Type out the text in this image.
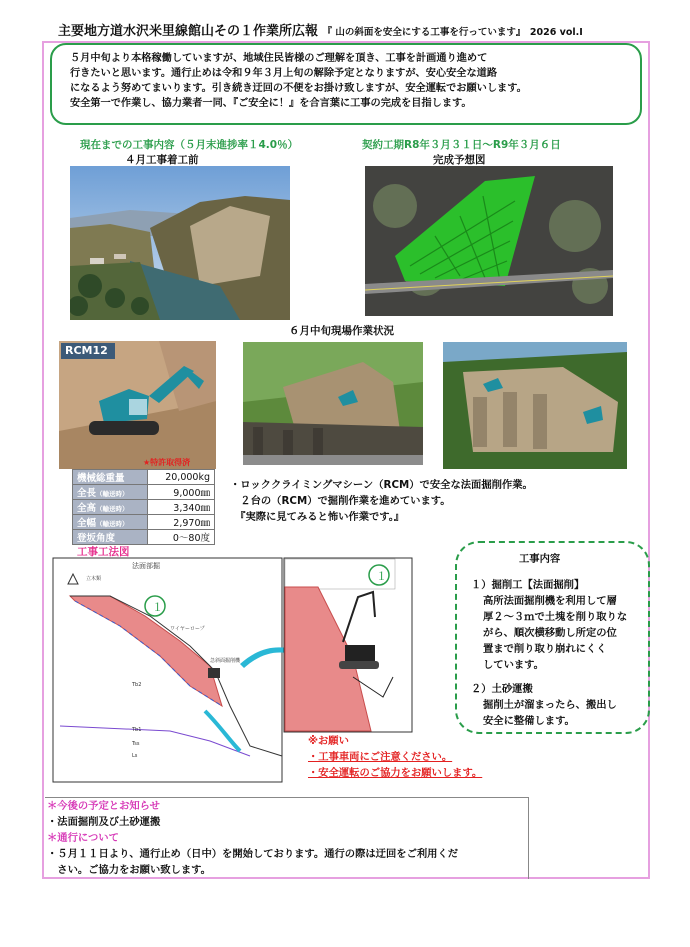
主要地方道水沢米里線館山その１作業所広報 『 山の斜面を安全にする工事を行っています』 2026 vol.Ⅰ
５月中旬より本格稼働していますが、地域住民皆様のご理解を頂き、工事を計画通り進めて
行きたいと思います。通行止めは令和９年３月上旬の解除予定となりますが、安心安全な道路
になるよう努めてまいります。引き続き迂回の不便をお掛け致しますが、安全運転でお願いします。
安全第一で作業し、協力業者一同、『ご安全に！』を合言葉に工事の完成を目指します。
現在までの工事内容（５月末進捗率１4.0％）
４月工事着工前
契約工期R8年３月３１日～R9年３月６日
完成予想図
６月中旬現場作業状況
RCM12
★特許取得済
機械総重量	20,000kg
全長（輸送時）	9,000㎜
全高（輸送時）	3,340㎜
全幅（輸送時）	2,970㎜
登坂角度	0～80度
・ロッククライミングマシーン（RCM）で安全な法面掘削作業。
　２台の（RCM）で掘削作業を進めています。
　『実際に見てみると怖い作業です。』
工事工法図
１
法面部掘
立木類
ワイヤーロープ
急斜面掘削機
Tb2
Tb1
Tss
Ls
１
工事内容
１）掘削工【法面掘削】
高所法面掘削機を利用して層
厚２～３ｍで土塊を削り取りな
がら、順次横移動し所定の位
置まで削り取り崩れにくく
しています。
２）土砂運搬
掘削土が溜まったら、搬出し
安全に整備します。
※お願い
・工事車両にご注意ください。
・安全運転のご協力をお願いします。
＊今後の予定とお知らせ
・法面掘削及び土砂運搬
＊通行について
・５月１１日より、通行止め（日中）を開始しております。通行の際は迂回をご利用くだ
　さい。ご協力をお願い致します。
